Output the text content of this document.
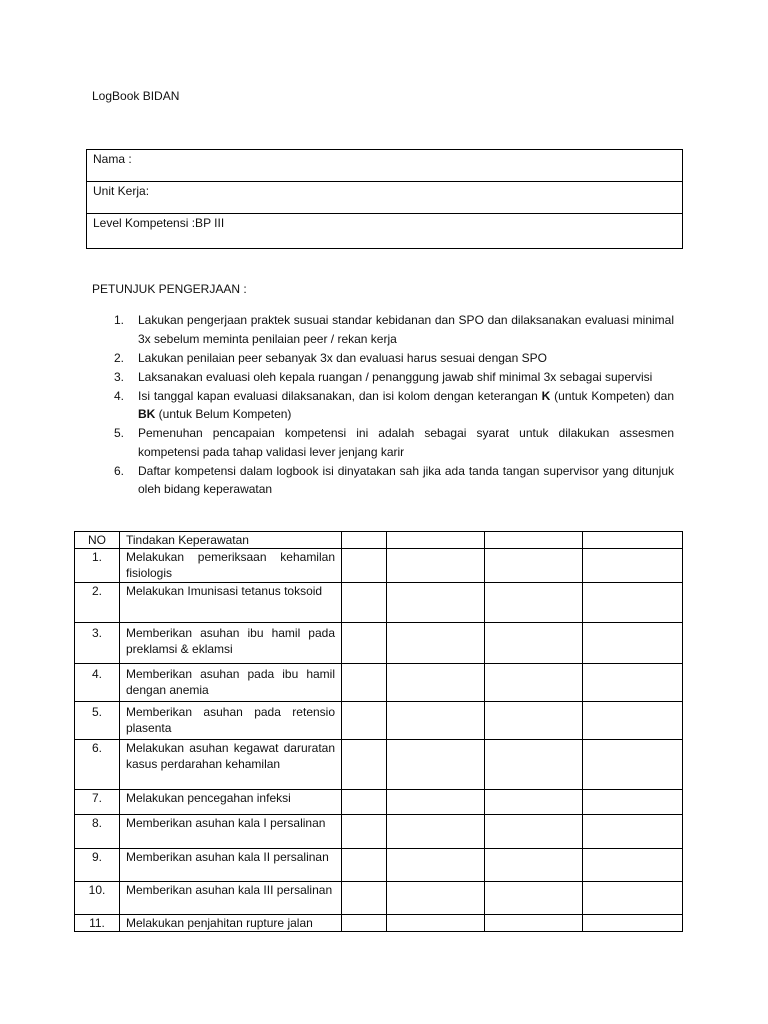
LogBook BIDAN
Nama :
Unit Kerja:
Level Kompetensi :BP III
PETUNJUK PENGERJAAN :
1. Lakukan pengerjaan praktek susuai standar kebidanan dan SPO dan dilaksanakan evaluasi minimal 3x sebelum meminta penilaian peer / rekan kerja
2. Lakukan penilaian peer sebanyak 3x dan evaluasi harus sesuai dengan SPO
3. Laksanakan evaluasi oleh kepala ruangan / penanggung jawab shif minimal 3x sebagai supervisi
4. Isi tanggal kapan evaluasi dilaksanakan, dan isi kolom dengan keterangan K (untuk Kompeten) dan BK (untuk Belum Kompeten)
5. Pemenuhan pencapaian kompetensi ini adalah sebagai syarat untuk dilakukan assesmen kompetensi pada tahap validasi lever jenjang karir
6. Daftar kompetensi dalam logbook isi dinyatakan sah jika ada tanda tangan supervisor yang ditunjuk oleh bidang keperawatan
NO	Tindakan Keperawatan				
1.	Melakukan pemeriksaan kehamilan fisiologis				
2.	Melakukan Imunisasi tetanus toksoid				
3.	Memberikan asuhan ibu hamil pada preklamsi & eklamsi				
4.	Memberikan asuhan pada ibu hamil dengan anemia				
5.	Memberikan asuhan pada retensio plasenta				
6.	Melakukan asuhan kegawat daruratan kasus perdarahan kehamilan				
7.	Melakukan pencegahan infeksi				
8.	Memberikan asuhan kala I persalinan				
9.	Memberikan asuhan kala II persalinan				
10.	Memberikan asuhan kala III persalinan				
11.	Melakukan penjahitan rupture jalan				
